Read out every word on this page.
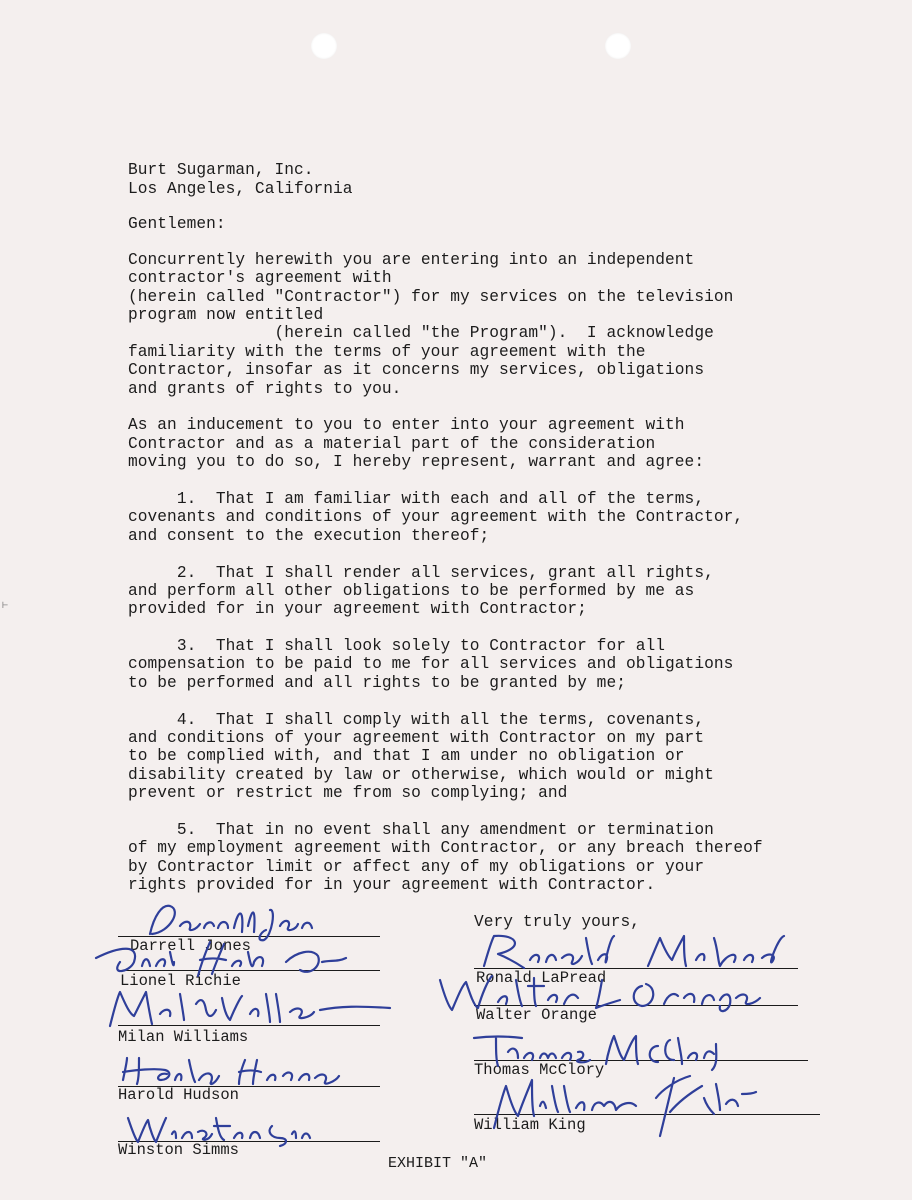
⊢
Burt Sugarman, Inc.
Los Angeles, California
Gentlemen:
Concurrently herewith you are entering into an independent
contractor's agreement with
(herein called "Contractor") for my services on the television
program now entitled
(herein called "the Program").  I acknowledge
familiarity with the terms of your agreement with the
Contractor, insofar as it concerns my services, obligations
and grants of rights to you.
As an inducement to you to enter into your agreement with
Contractor and as a material part of the consideration
moving you to do so, I hereby represent, warrant and agree:
1.  That I am familiar with each and all of the terms,
covenants and conditions of your agreement with the Contractor,
and consent to the execution thereof;
2.  That I shall render all services, grant all rights,
and perform all other obligations to be performed by me as
provided for in your agreement with Contractor;
3.  That I shall look solely to Contractor for all
compensation to be paid to me for all services and obligations
to be performed and all rights to be granted by me;
4.  That I shall comply with all the terms, covenants,
and conditions of your agreement with Contractor on my part
to be complied with, and that I am under no obligation or
disability created by law or otherwise, which would or might
prevent or restrict me from so complying; and
5.  That in no event shall any amendment or termination
of my employment agreement with Contractor, or any breach thereof
by Contractor limit or affect any of my obligations or your
rights provided for in your agreement with Contractor.
Very truly yours,
Darrell Jones
Lionel Richie
Milan Williams
Harold Hudson
Winston Simms
Ronald LaPread
Walter Orange
Thomas McClory
William King
EXHIBIT "A"
